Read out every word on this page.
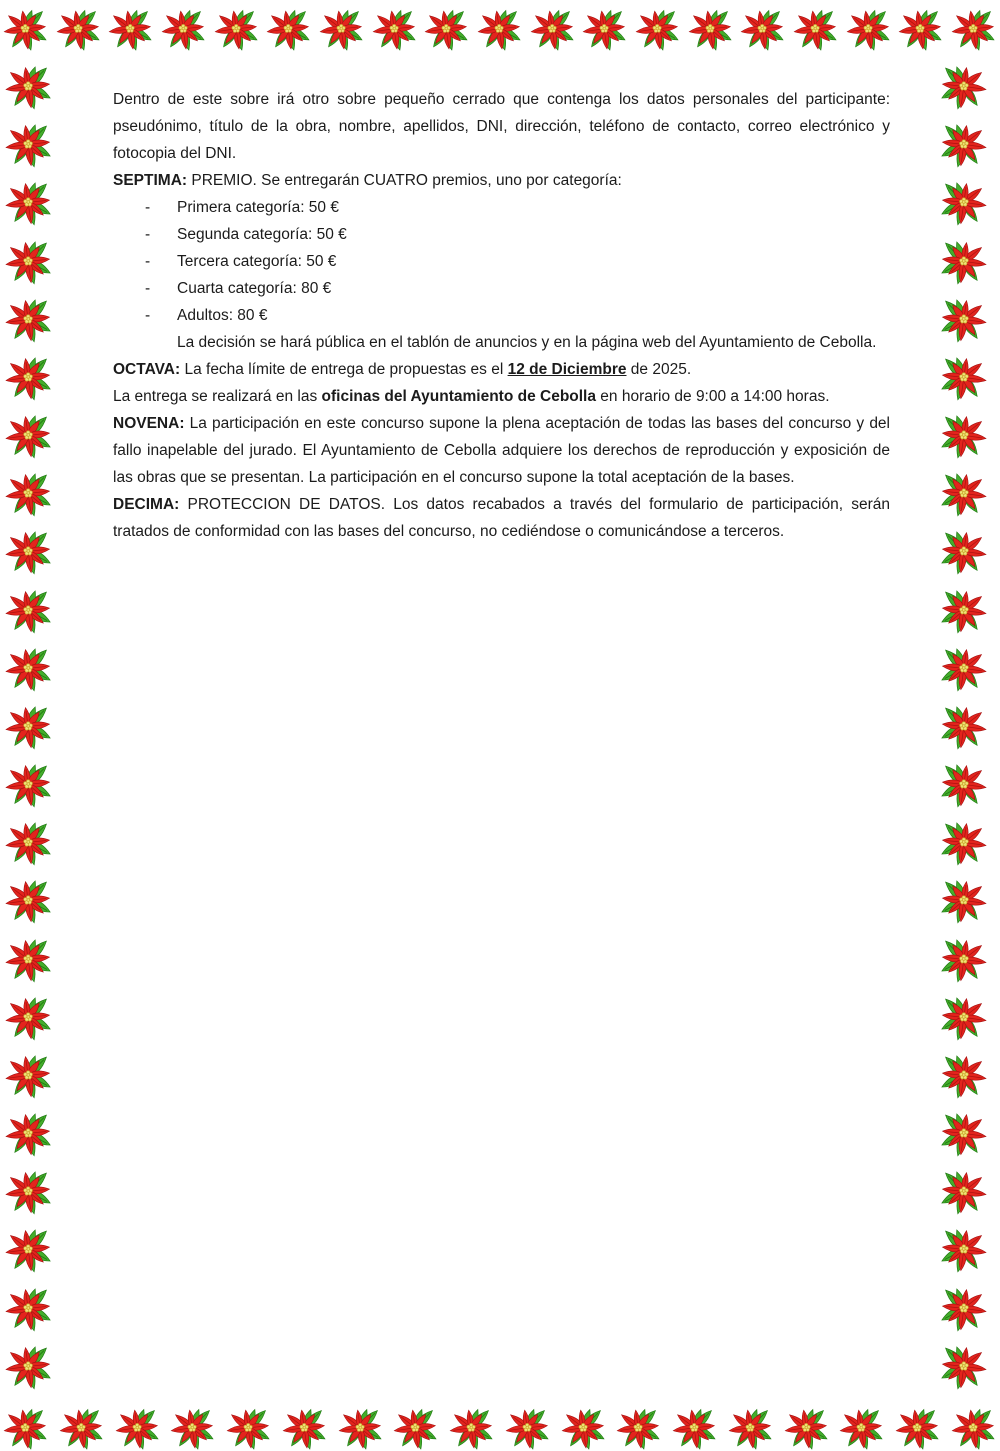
Dentro de este sobre irá otro sobre pequeño cerrado que contenga los datos personales del participante: pseudónimo, título de la obra, nombre, apellidos, DNI, dirección, teléfono de contacto, correo electrónico y fotocopia del DNI.

SEPTIMA: PREMIO. Se entregarán CUATRO premios, uno por categoría:

- Primera categoría: 50 €
- Segunda categoría: 50 €
- Tercera categoría: 50 €
- Cuarta categoría: 80 €
- Adultos: 80 €

La decisión se hará pública en el tablón de anuncios y en la página web del Ayuntamiento de Cebolla.

OCTAVA: La fecha límite de entrega de propuestas es el 12 de Diciembre de 2025.

La entrega se realizará en las oficinas del Ayuntamiento de Cebolla en horario de 9:00 a 14:00 horas.

NOVENA: La participación en este concurso supone la plena aceptación de todas las bases del concurso y del fallo inapelable del jurado. El Ayuntamiento de Cebolla adquiere los derechos de reproducción y exposición de las obras que se presentan. La participación en el concurso supone la total aceptación de la bases.

DECIMA: PROTECCION DE DATOS. Los datos recabados a través del formulario de participación, serán tratados de conformidad con las bases del concurso, no cediéndose o comunicándose a terceros.
